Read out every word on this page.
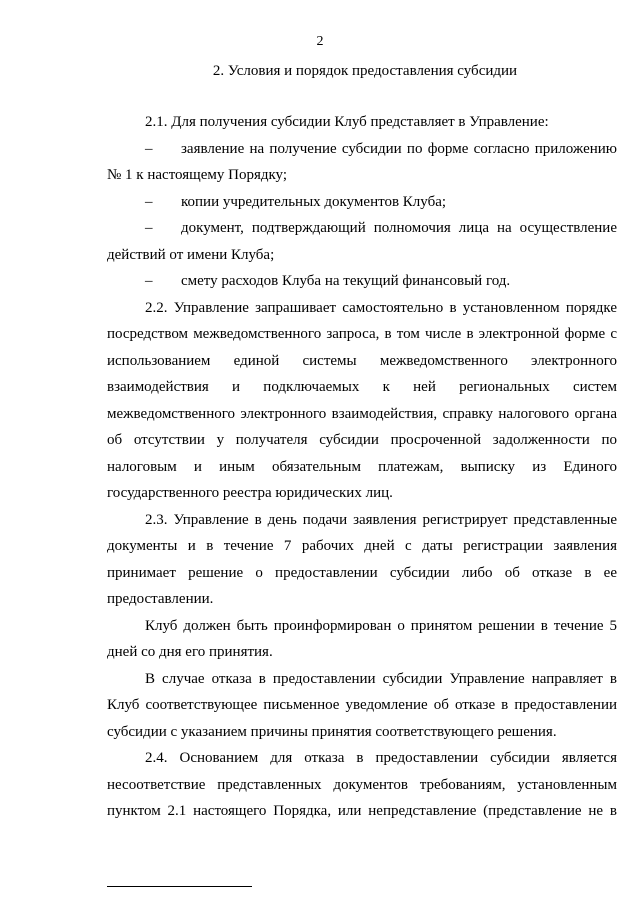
2
2. Условия и порядок предоставления субсидии

2.1. Для получения субсидии Клуб представляет в Управление:

– заявление на получение субсидии по форме согласно приложению № 1 к настоящему Порядку;

– копии учредительных документов Клуба;

– документ, подтверждающий полномочия лица на осуществление действий от имени Клуба;

– смету расходов Клуба на текущий финансовый год.

2.2. Управление запрашивает самостоятельно в установленном порядке посредством межведомственного запроса, в том числе в электронной форме с использованием единой системы межведомственного электронного взаимодействия и подключаемых к ней региональных систем межведомственного электронного взаимодействия, справку налогового органа об отсутствии у получателя субсидии просроченной задолженности по налоговым и иным обязательным платежам, выписку из Единого государственного реестра юридических лиц.

2.3. Управление в день подачи заявления регистрирует представленные документы и в течение 7 рабочих дней с даты регистрации заявления принимает решение о предоставлении субсидии либо об отказе в ее предоставлении.

Клуб должен быть проинформирован о принятом решении в течение 5 дней со дня его принятия.

В случае отказа в предоставлении субсидии Управление направляет в Клуб соответствующее письменное уведомление об отказе в предоставлении субсидии с указанием причины принятия соответствующего решения.

2.4. Основанием для отказа в предоставлении субсидии является несоответствие представленных документов требованиям, установленным пунктом 2.1 настоящего Порядка, или непредставление (представление не в
